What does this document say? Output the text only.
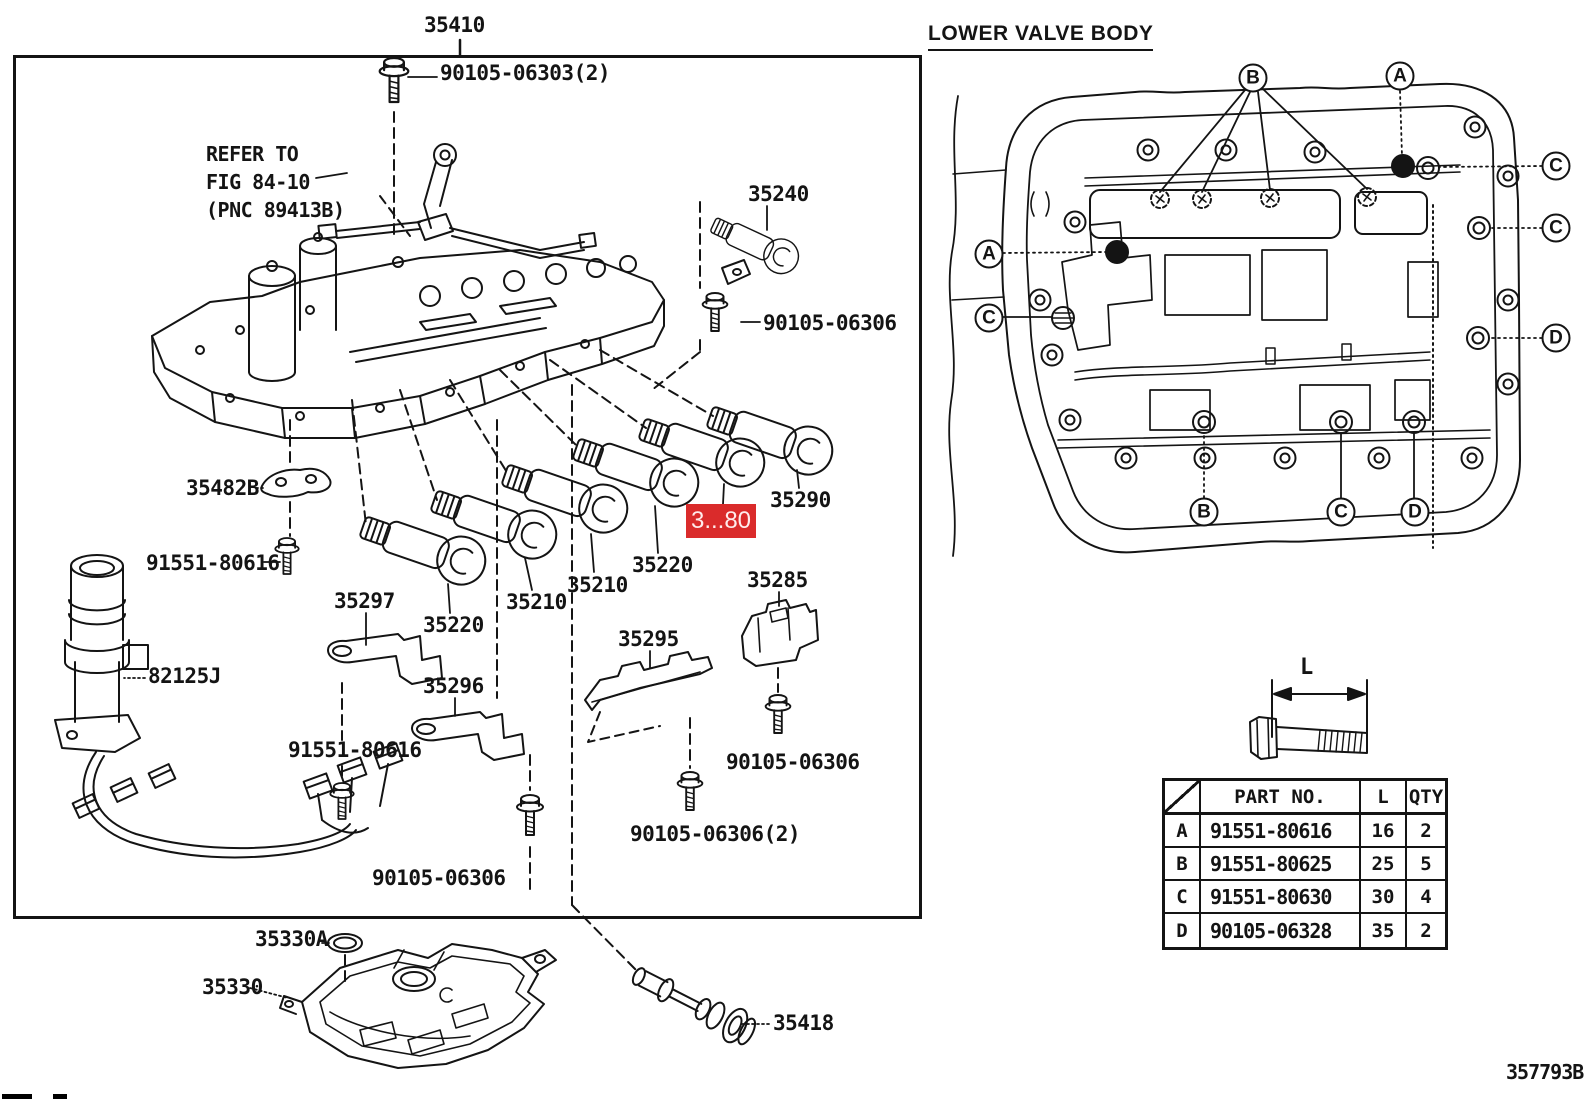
35410
REFER TO
FIG 84-10
(PNC 89413B)
90105-06303(2)
35240
90105-06306
35482B
91551-80616
82125J
35297
35220
35210
35210
35220
35290
35285
35295
35296
91551-80616	90105-06306
90105-06306(2)
90105-06306
35330A
35330
35418
3...80
LOWER VALVE BODY
B	A
A
C
C
C
D
B	C	D
L
PART NO.	L	QTY
A	91551-80616	16	2
B	91551-80625	25	5
C	91551-80630	30	4
D	90105-06328	35	2
357793B
